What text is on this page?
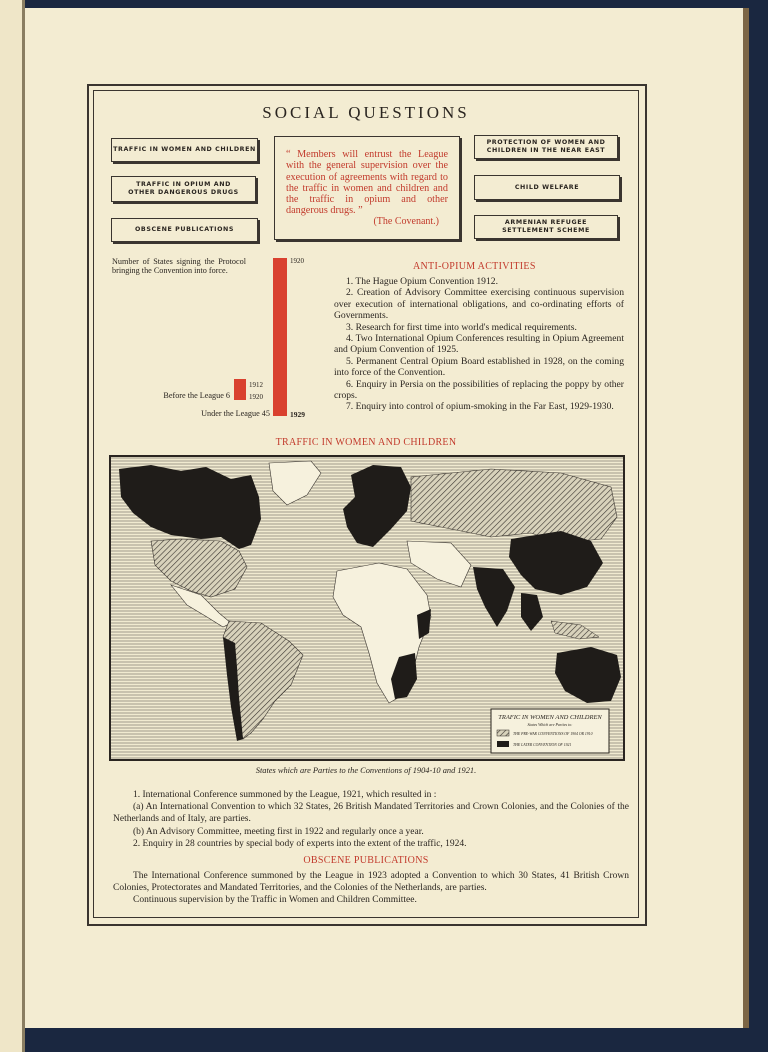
SOCIAL QUESTIONS
TRAFFIC IN WOMEN AND CHILDREN
TRAFFIC IN OPIUM AND OTHER DANGEROUS DRUGS
OBSCENE PUBLICATIONS
PROTECTION OF WOMEN AND CHILDREN IN THE NEAR EAST
CHILD WELFARE
ARMENIAN REFUGEE SETTLEMENT SCHEME
“ Members will entrust the League with the general supervision over the execution of agreements with regard to the traffic in women and children and the traffic in opium and other dangerous drugs. ”
(The Covenant.)
Number of States signing the Protocol bringing the Convention into force.
1920
1912
1920
1929
Before the League 6
Under the League 45
ANTI-OPIUM ACTIVITIES

1. The Hague Opium Convention 1912.

2. Creation of Advisory Committee exercising continuous supervision over execution of international obligations, and co-ordinating efforts of Governments.

3. Research for first time into world's medical requirements.

4. Two International Opium Conferences resulting in Opium Agreement and Opium Convention of 1925.

5. Permanent Central Opium Board established in 1928, on the coming into force of the Convention.

6. Enquiry in Persia on the possibilities of replacing the poppy by other crops.

7. Enquiry into control of opium-smoking in the Far East, 1929-1930.

TRAFFIC IN WOMEN AND CHILDREN
TRAFIC IN WOMEN AND CHILDREN
States Which are Parties to:
THE PRE-WAR CONVENTIONS OF 1904 OR 1910
THE LATER CONVENTION OF 1921
States which are Parties to the Conventions of 1904-10 and 1921.

1. International Conference summoned by the League, 1921, which resulted in :

(a) An International Convention to which 32 States, 26 British Mandated Territories and Crown Colonies, and the Colonies of the Netherlands and of Italy, are parties.

(b) An Advisory Committee, meeting first in 1922 and regularly once a year.

2. Enquiry in 28 countries by special body of experts into the extent of the traffic, 1924.

OBSCENE PUBLICATIONS

The International Conference summoned by the League in 1923 adopted a Convention to which 30 States, 41 British Crown Colonies, Protectorates and Mandated Territories, and the Colonies of the Netherlands, are parties.

Continuous supervision by the Traffic in Women and Children Committee.
